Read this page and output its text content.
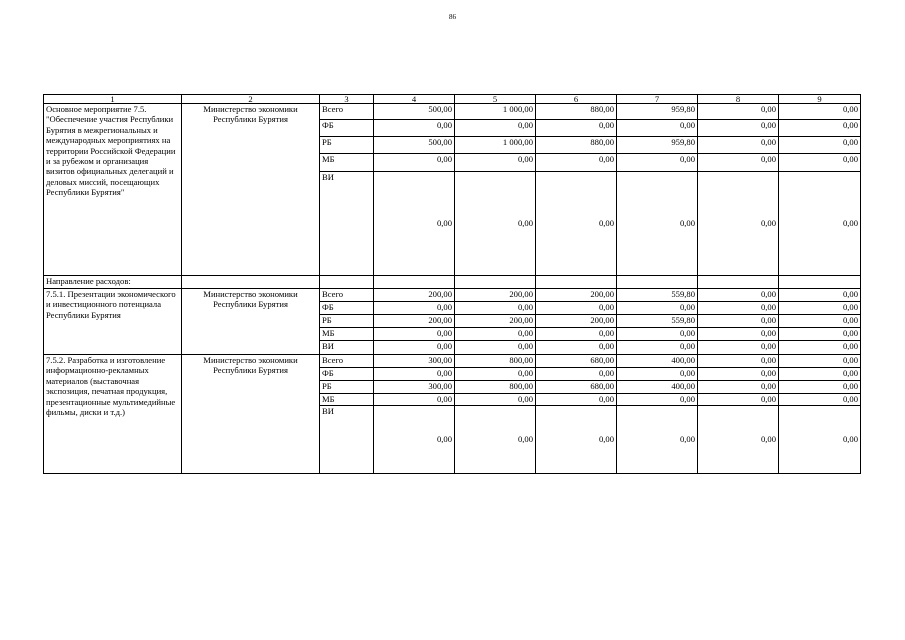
86
1	2	3	4	5	6	7	8	9
Основное мероприятие 7.5. "Обеспечение участия Республики Бурятия в межрегиональных и международных мероприятиях на территории Российской Федерации и за рубежом и организация визитов официальных делегаций и деловых миссий, посещающих Республики Бурятия"	Министерство экономики Республики Бурятия	Всего	500,00	1 000,00	880,00	959,80	0,00	0,00
		ФБ	0,00	0,00	0,00	0,00	0,00	0,00
		РБ	500,00	1 000,00	880,00	959,80	0,00	0,00
		МБ	0,00	0,00	0,00	0,00	0,00	0,00
		ВИ	0,00	0,00	0,00	0,00	0,00	0,00
Направление расходов:								
7.5.1. Презентации экономического и инвестиционного потенциала Республики Бурятия	Министерство экономики Республики Бурятия	Всего	200,00	200,00	200,00	559,80	0,00	0,00
		ФБ	0,00	0,00	0,00	0,00	0,00	0,00
		РБ	200,00	200,00	200,00	559,80	0,00	0,00
		МБ	0,00	0,00	0,00	0,00	0,00	0,00
		ВИ	0,00	0,00	0,00	0,00	0,00	0,00
7.5.2. Разработка и изготовление информационно-рекламных материалов (выставочная экспозиция, печатная продукция, презентационные мультимедийные фильмы, диски и т.д.)	Министерство экономики Республики Бурятия	Всего	300,00	800,00	680,00	400,00	0,00	0,00
		ФБ	0,00	0,00	0,00	0,00	0,00	0,00
		РБ	300,00	800,00	680,00	400,00	0,00	0,00
		МБ	0,00	0,00	0,00	0,00	0,00	0,00
		ВИ	0,00	0,00	0,00	0,00	0,00	0,00
